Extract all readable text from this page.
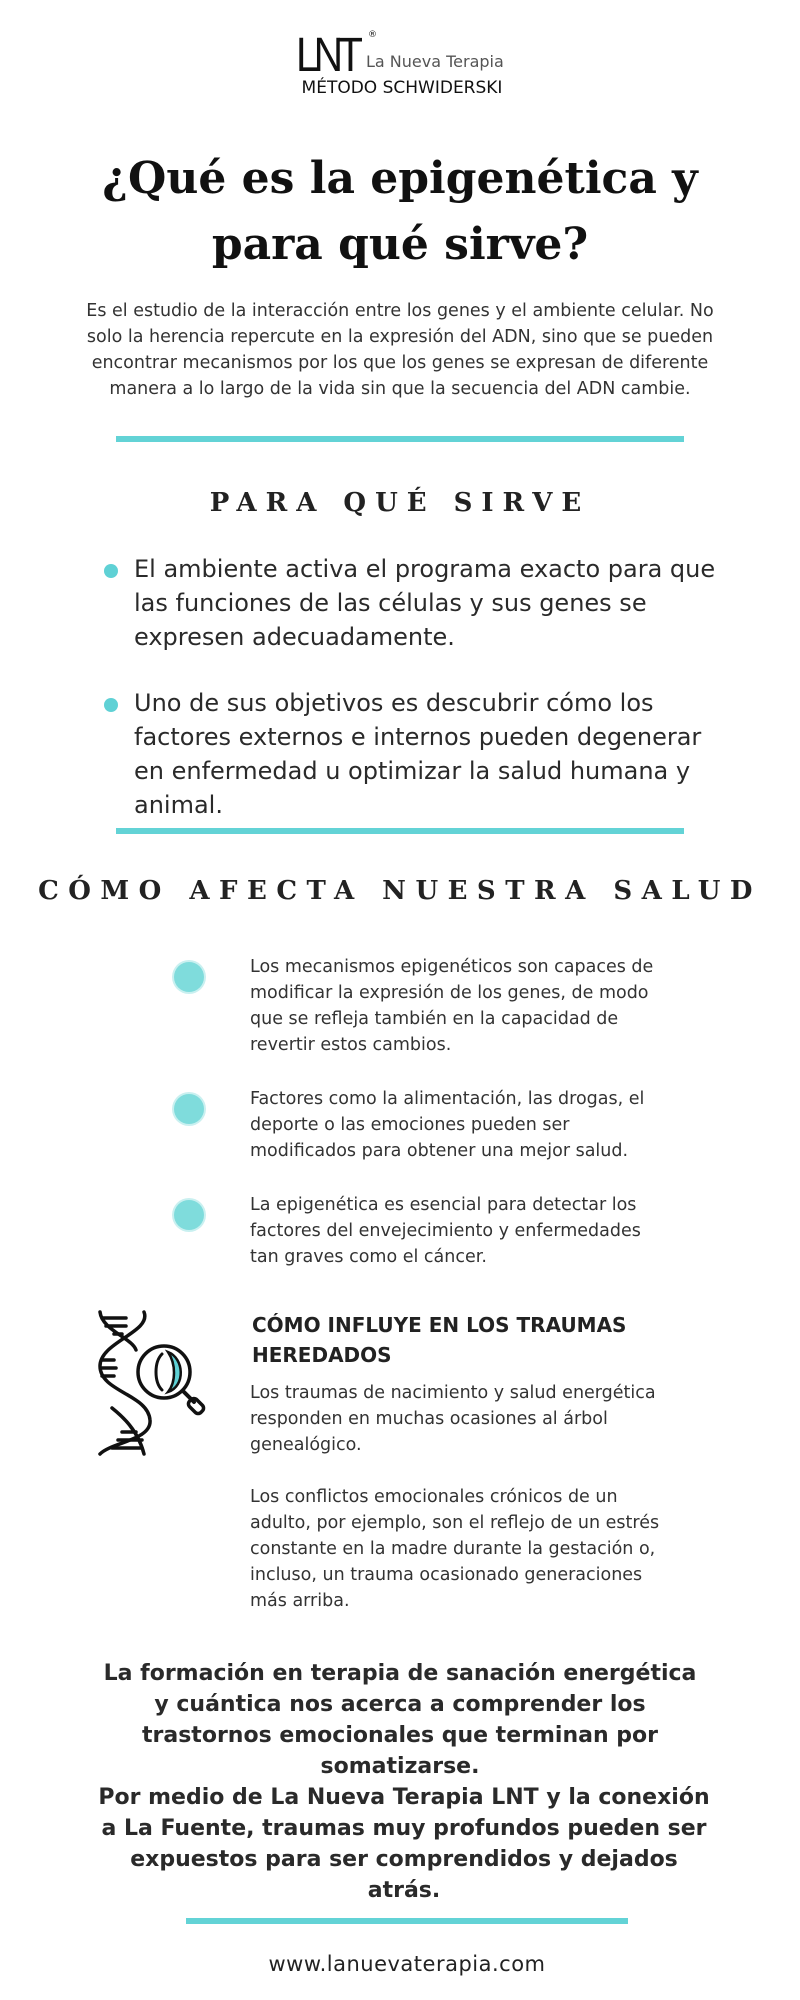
LNT ®
La Nueva Terapia
MÉTODO SCHWIDERSKI
¿Qué es la epigenética y para qué sirve?

Es el estudio de la interacción entre los genes y el ambiente celular. No solo la herencia repercute en la expresión del ADN, sino que se pueden encontrar mecanismos por los que los genes se expresan de diferente manera a lo largo de la vida sin que la secuencia del ADN cambie.

PARA QUÉ SIRVE

El ambiente activa el programa exacto para que las funciones de las células y sus genes se expresen adecuadamente.

Uno de sus objetivos es descubrir cómo los factores externos e internos pueden degenerar en enfermedad u optimizar la salud humana y animal.

CÓMO AFECTA NUESTRA SALUD

Los mecanismos epigenéticos son capaces de modificar la expresión de los genes, de modo que se refleja también en la capacidad de revertir estos cambios.

Factores como la alimentación, las drogas, el deporte o las emociones pueden ser modificados para obtener una mejor salud.

La epigenética es esencial para detectar los factores del envejecimiento y enfermedades tan graves como el cáncer.

CÓMO INFLUYE EN LOS TRAUMAS HEREDADOS

Los traumas de nacimiento y salud energética responden en muchas ocasiones al árbol genealógico.

Los conflictos emocionales crónicos de un adulto, por ejemplo, son el reflejo de un estrés constante en la madre durante la gestación o, incluso, un trauma ocasionado generaciones más arriba.

La formación en terapia de sanación energética y cuántica nos acerca a comprender los trastornos emocionales que terminan por somatizarse.

Por medio de La Nueva Terapia LNT y la conexión a La Fuente, traumas muy profundos pueden ser expuestos para ser comprendidos y dejados atrás.

www.lanuevaterapia.com
